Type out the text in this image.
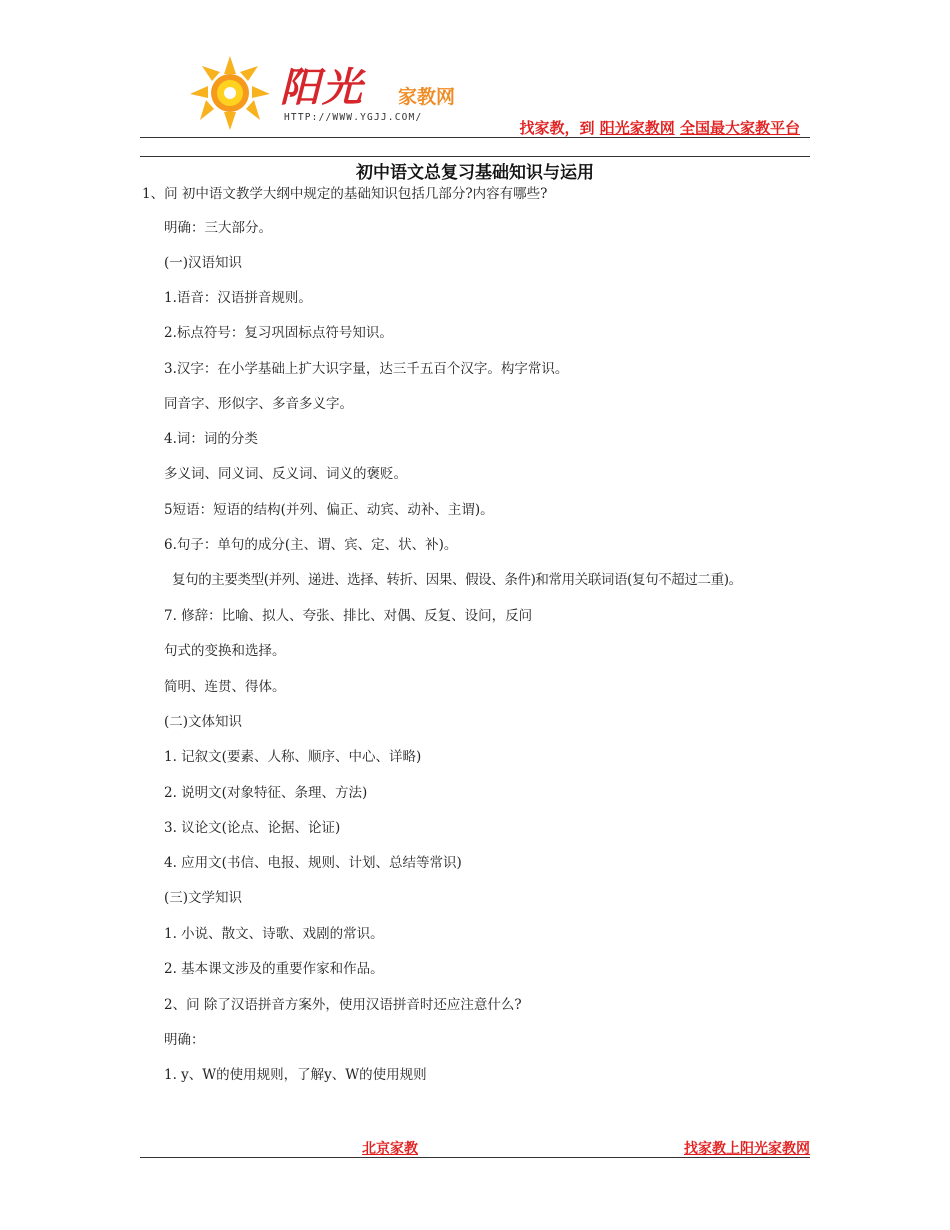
阳光 家教网
HTTP://WWW.YGJJ.COM/
找家教，到 阳光家教网 全国最大家教平台
初中语文总复习基础知识与运用
1、问 初中语文教学大纲中规定的基础知识包括几部分?内容有哪些?
明确：三大部分。
(一)汉语知识
1.语音：汉语拼音规则。
2.标点符号：复习巩固标点符号知识。
3.汉字：在小学基础上扩大识字量，达三千五百个汉字。构字常识。
同音字、形似字、多音多义字。
4.词：词的分类
多义词、同义词、反义词、词义的褒贬。
5短语：短语的结构(并列、偏正、动宾、动补、主谓)。
6.句子：单句的成分(主、谓、宾、定、状、补)。
复句的主要类型(并列、递进、选择、转折、因果、假设、条件)和常用关联词语(复句不超过二重)。
7. 修辞：比喻、拟人、夸张、排比、对偶、反复、设问，反问
句式的变换和选择。
简明、连贯、得体。
(二)文体知识
1. 记叙文(要素、人称、顺序、中心、详略)
2. 说明文(对象特征、条理、方法)
3. 议论文(论点、论据、论证)
4. 应用文(书信、电报、规则、计划、总结等常识)
(三)文学知识
1. 小说、散文、诗歌、戏剧的常识。
2. 基本课文涉及的重要作家和作品。
2、问 除了汉语拼音方案外，使用汉语拼音时还应注意什么?
明确：
1. y、W的使用规则，了解y、W的使用规则
北京家教	找家教上阳光家教网
